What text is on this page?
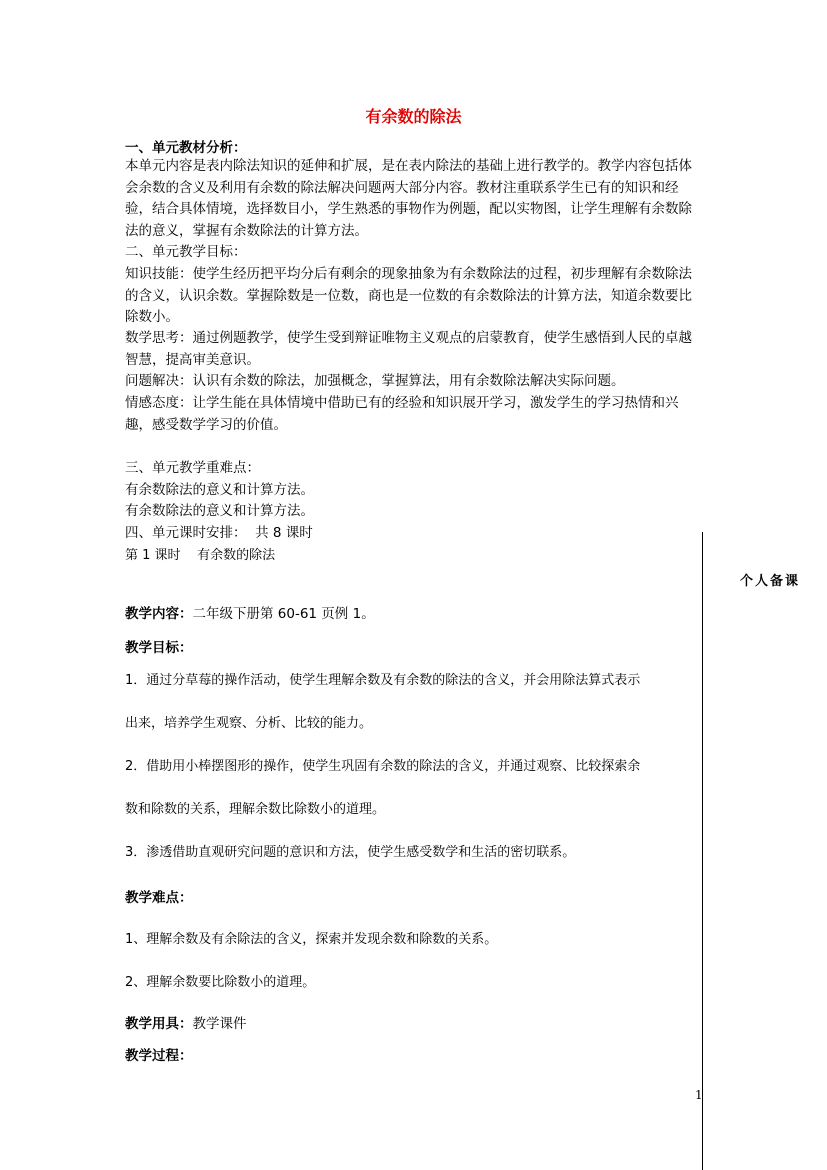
有余数的除法
一、单元教材分析：
本单元内容是表内除法知识的延伸和扩展，是在表内除法的基础上进行教学的。教学内容包括体会余数的含义及利用有余数的除法解决问题两大部分内容。教材注重联系学生已有的知识和经验，结合具体情境，选择数目小，学生熟悉的事物作为例题，配以实物图，让学生理解有余数除法的意义，掌握有余数除法的计算方法。
二、单元教学目标：
知识技能：使学生经历把平均分后有剩余的现象抽象为有余数除法的过程，初步理解有余数除法的含义，认识余数。掌握除数是一位数，商也是一位数的有余数除法的计算方法，知道余数要比除数小。
数学思考：通过例题教学，使学生受到辩证唯物主义观点的启蒙教育，使学生感悟到人民的卓越智慧，提高审美意识。
问题解决：认识有余数的除法，加强概念，掌握算法，用有余数除法解决实际问题。
情感态度：让学生能在具体情境中借助已有的经验和知识展开学习，激发学生的学习热情和兴趣，感受数学学习的价值。
三、单元教学重难点：
有余数除法的意义和计算方法。
有余数除法的意义和计算方法。
四、单元课时安排：  共 8 课时
第 1 课时    有余数的除法
个人备课
教学内容：二年级下册第 60-61 页例 1。
教学目标：
1．通过分草莓的操作活动，使学生理解余数及有余数的除法的含义，并会用除法算式表示
出来，培养学生观察、分析、比较的能力。
2．借助用小棒摆图形的操作，使学生巩固有余数的除法的含义，并通过观察、比较探索余
数和除数的关系，理解余数比除数小的道理。
3．渗透借助直观研究问题的意识和方法，使学生感受数学和生活的密切联系。
教学难点：
1、理解余数及有余除法的含义，探索并发现余数和除数的关系。
2、理解余数要比除数小的道理。
教学用具：教学课件
教学过程：
1
